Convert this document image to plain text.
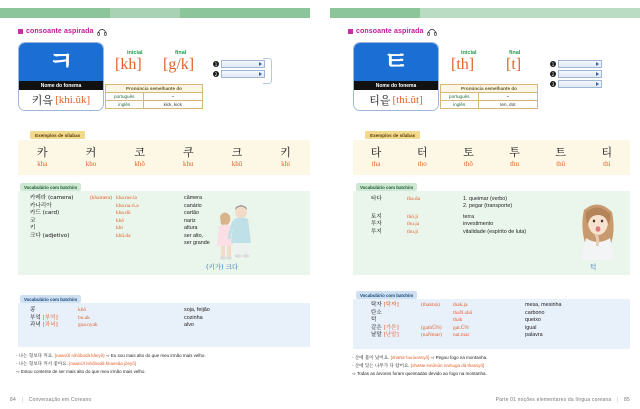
consoante aspirada
ㅋ
Nome do fonema
키읔 [khi.ûk]
inicial	final
[kh] [g/k]
Pronúncia semelhante do	
português	~
inglês	kick, kick
1
2
Exemplos de sílabas
카
kha
커
kho
코
khô
쿠
khu
크
khû
키
khi
Vocabulário com batchim
카메라 (camera)	(khamera) kha.me.la	câmera
카나리아	kha.na.ri.a	canário
카드 (card)	kha.dû	cartão
코	khô	nariz
키	khi	altura
크다 (adjetivo)	khû.da	ser alto,
ser grande
(키가) 크다
Vocabulário com batchim
콩	khô	soja, feijão
부엌 [부억]	bu.ak	cozinha
과녁 [과녁]	gua.nyak	alvo
· 나는 형보다 커요. [naanÛl nihôbodà kâeyô] ⇨ Eu sou mais alto do que meu irmão mais velho.
· 나는 형보다 커서 좋아요. [naanÛl nihôbodà khaesâa jôeyô]
⇨ Estou contente de ser mais alto do que meu irmão mais velho.
84 | Conversação em Coreano
consoante aspirada
ㅌ
Nome do fonema
티읕 [thi.ût]
inicial	final
[th] [t]
Pronúncia semelhante do	
português	~
inglês	ten, dot
1
2
3
Exemplos de sílabas
타
tha
터
tho
토
thô
투
thu
트
thû
티
thi
Vocabulário com batchim
타다	tha.da	1. queimar (verbo)
2. pegar (transporte)
토지	thô.ji	terra
투자	thu.ja	investimento
투지	thu.ji	vitalidade (espírito de luta)
턱
Vocabulário com batchim
탁자 [탁짜]	(thaktsà)	thak.ja	mesa, mesinha
탄소	thaN.shô	carbono
턱	thak	queixo
같은 [가튼]	(gathÛN)	gat.ÛN	igual
낱말 [난말]	(naNmar)	nat.mar	palavra
· 산에 불이 났어요. [shaNe buriuassyô] ⇨ Pegou fogo na montanha.
· 산에 있는 나무가 다 탔어요. [shaNe innûnûn namuga dà thassyô]
⇨ Todas as árvores foram queimadas devido ao fogo na montanha.
Parte 01 noções elementares da língua coreana | 85
